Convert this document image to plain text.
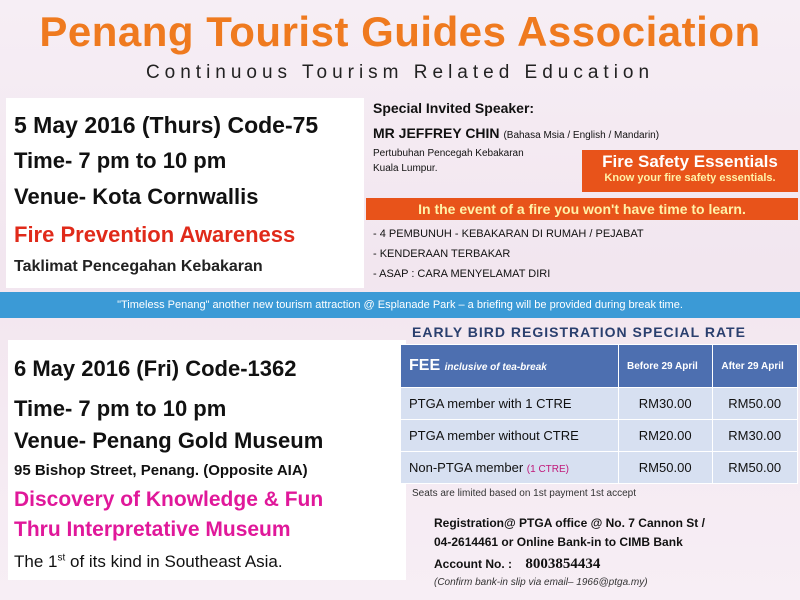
Penang Tourist Guides Association
Continuous Tourism Related Education
5 May 2016 (Thurs) Code-75
Time- 7 pm to 10 pm
Venue- Kota Cornwallis
Fire Prevention Awareness
Taklimat Pencegahan Kebakaran
Special Invited Speaker:
MR JEFFREY CHIN (Bahasa Msia / English / Mandarin)
Pertubuhan Pencegah Kebakaran
Kuala Lumpur.	Fire Safety Essentials
Know your fire safety essentials.
In the event of a fire you won't have time to learn.
- 4 PEMBUNUH - KEBAKARAN DI RUMAH / PEJABAT
- KENDERAAN TERBAKAR
- ASAP : CARA MENYELAMAT DIRI
"Timeless Penang" another new tourism attraction @ Esplanade Park – a briefing will be provided during break time.
6 May 2016 (Fri) Code-1362
Time- 7 pm to 10 pm
Venue- Penang Gold Museum
95 Bishop Street, Penang. (Opposite AIA)
Discovery of Knowledge & Fun
Thru Interpretative Museum
The 1st of its kind in Southeast Asia.
EARLY BIRD REGISTRATION SPECIAL RATE
FEE inclusive of tea-break	Before 29 April	After 29 April
PTGA member with 1 CTRE	RM30.00	RM50.00
PTGA member without CTRE	RM20.00	RM30.00
Non-PTGA member (1 CTRE)	RM50.00	RM50.00
Seats are limited based on 1st payment 1st accept
Registration@ PTGA office @ No. 7 Cannon St /
04-2614461 or Online Bank-in to CIMB Bank
Account No. : 8003854434
(Confirm bank-in slip via email– 1966@ptga.my)
